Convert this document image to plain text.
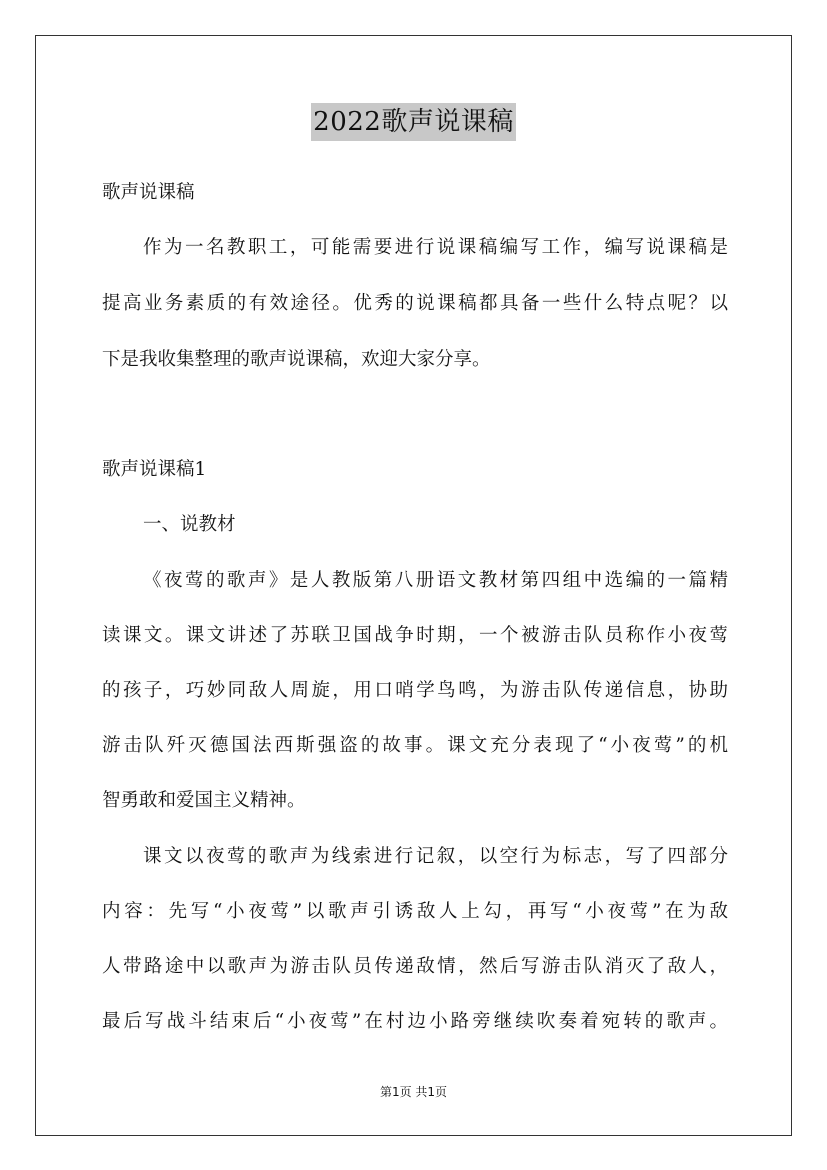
2022歌声说课稿
歌声说课稿
作为一名教职工，可能需要进行说课稿编写工作，编写说课稿是
提高业务素质的有效途径。优秀的说课稿都具备一些什么特点呢？以
下是我收集整理的歌声说课稿，欢迎大家分享。
歌声说课稿1
一、说教材
《夜莺的歌声》是人教版第八册语文教材第四组中选编的一篇精
读课文。课文讲述了苏联卫国战争时期，一个被游击队员称作小夜莺
的孩子，巧妙同敌人周旋，用口哨学鸟鸣，为游击队传递信息，协助
游击队歼灭德国法西斯强盗的故事。课文充分表现了“小夜莺”的机
智勇敢和爱国主义精神。
课文以夜莺的歌声为线索进行记叙，以空行为标志，写了四部分
内容：先写“小夜莺”以歌声引诱敌人上勾，再写“小夜莺”在为敌
人带路途中以歌声为游击队员传递敌情，然后写游击队消灭了敌人，
最后写战斗结束后“小夜莺”在村边小路旁继续吹奏着宛转的歌声。
第1页 共1页
